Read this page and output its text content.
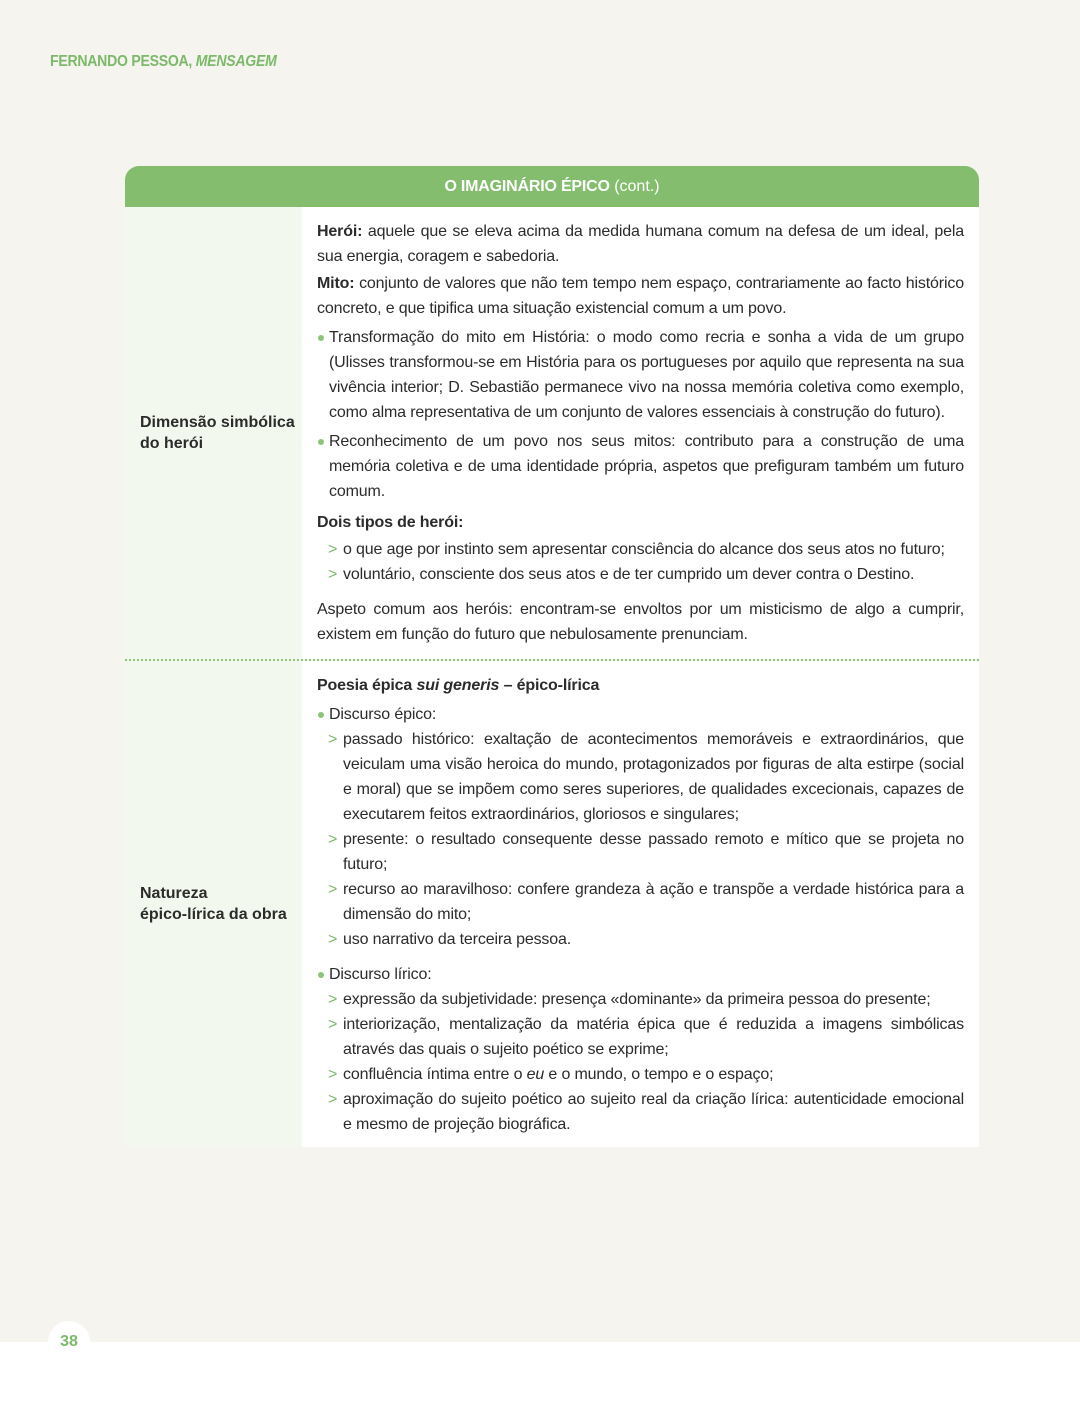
FERNANDO PESSOA, MENSAGEM
O IMAGINÁRIO ÉPICO (cont.)
Dimensão simbólica
do herói

Herói: aquele que se eleva acima da medida humana comum na defesa de um ideal, pela sua energia, coragem e sabedoria.

Mito: conjunto de valores que não tem tempo nem espaço, contrariamente ao facto histórico concreto, e que tipifica uma situação existencial comum a um povo.

Transformação do mito em História: o modo como recria e sonha a vida de um grupo (Ulisses transformou-se em História para os portugueses por aquilo que representa na sua vivência interior; D. Sebastião permanece vivo na nossa memória coletiva como exemplo, como alma representativa de um conjunto de valores essenciais à construção do futuro).
Reconhecimento de um povo nos seus mitos: contributo para a construção de uma memória coletiva e de uma identidade própria, aspetos que prefiguram também um futuro comum.

Dois tipos de herói:

> o que age por instinto sem apresentar consciência do alcance dos seus atos no futuro;
> voluntário, consciente dos seus atos e de ter cumprido um dever contra o Destino.

Aspeto comum aos heróis: encontram-se envoltos por um misticismo de algo a cumprir, existem em função do futuro que nebulosamente prenunciam.

Natureza
épico-lírica da obra

Poesia épica sui generis – épico-lírica

Discurso épico:
> passado histórico: exaltação de acontecimentos memoráveis e extraordinários, que veiculam uma visão heroica do mundo, protagonizados por figuras de alta estirpe (social e moral) que se impõem como seres superiores, de qualidades excecionais, capazes de executarem feitos extraordinários, gloriosos e singulares;
> presente: o resultado consequente desse passado remoto e mítico que se projeta no futuro;
> recurso ao maravilhoso: confere grandeza à ação e transpõe a verdade histórica para a dimensão do mito;
> uso narrativo da terceira pessoa.
Discurso lírico:
> expressão da subjetividade: presença «dominante» da primeira pessoa do presente;
> interiorização, mentalização da matéria épica que é reduzida a imagens simbólicas através das quais o sujeito poético se exprime;
> confluência íntima entre o eu e o mundo, o tempo e o espaço;
> aproximação do sujeito poético ao sujeito real da criação lírica: autenticidade emocional e mesmo de projeção biográfica.
38
